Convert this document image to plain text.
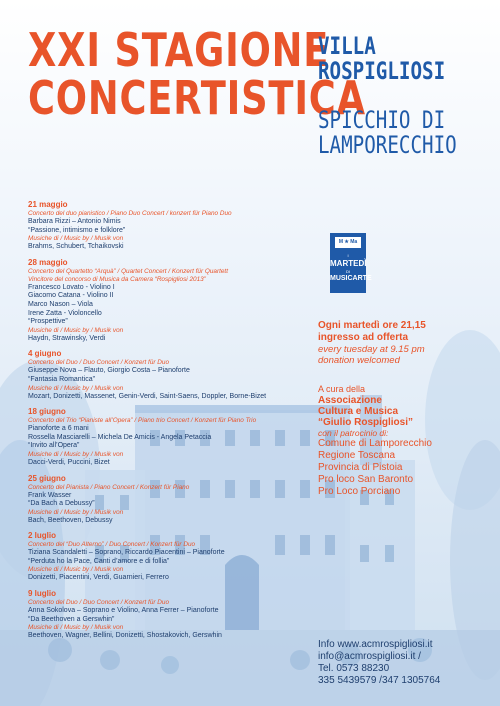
XXI STAGIONE
CONCERTISTICA
VILLA
ROSPIGLIOSI
SPICCHIO DI
LAMPORECCHIO
21 maggio
Concerto del duo pianistico / Piano Duo Concert / konzert für Piano Duo
Barbara Rizzi – Antonio Nimis
“Passione, intimismo e folklore”
Musiche di / Music by / Musik von
Brahms, Schubert, Tchaikovski
28 maggio
Concerto del Quartetto “Arquà” / Quartet Concert / Konzert für Quartett
Vincitore del concorso di Musica da Camera “Rospigliosi 2013”
Francesco Lovato - Violino I
Giacomo Catana - Violino II
Marco Nason – Viola
Irene Zatta - Violoncello
“Prospettive”
Musiche di / Music by / Musik von
Haydn, Strawinsky, Verdi
4 giugno
Concerto del Duo / Duo Concert / Konzert für Duo
Giuseppe Nova – Flauto, Giorgio Costa – Pianoforte
“Fantasia Romantica”
Musiche di / Music by / Musik von
Mozart, Donizetti, Massenet, Genin-Verdi, Saint-Saens, Doppler, Borne-Bizet
18 giugno
Concerto del Trio “Pianiste all’Opera” / Piano trio Concert / Konzert für Piano Trio
Pianoforte a 6 mani
Rossella Masciarelli – Michela De Amicis - Angela Petaccia
“Invito all’Opera”
Musiche di / Music by / Musik von
Dacci-Verdi, Puccini, Bizet
25 giugno
Concerto del Pianista / Piano Concert / Konzert für Piano
Frank Wasser
“Da Bach a Debussy”
Musiche di / Music by / Musik von
Bach, Beethoven, Debussy
2 luglio
Concerto del “Duo Alterno” / Duo Concert / Konzert für Duo
Tiziana Scandaletti – Soprano, Riccardo Piacentini – Pianoforte
“Perduta ho la Pace, Canti d’amore e di follia”
Musiche di / Music by / Musik von
Donizetti, Piacentini, Verdi, Guarnieri, Ferrero
9 luglio
Concerto del Duo / Duo Concert / Konzert für Duo
Anna Sokolova – Soprano e Violino, Anna Ferrer – Pianoforte
“Da Beethoven a Gerswhin”
Musiche di / Music by / Musik von
Beethoven, Wagner, Bellini, Donizetti, Shostakovich, Gerswhin
M ★ Ma
I
MARTEDÌ
DI
MUSICARTE
Ogni martedì ore 21,15
ingresso ad offerta
every tuesday at 9.15 pm
donation welcomed
A cura della
Associazione
Cultura e Musica
“Giulio Rospigliosi”
con il patrocinio di:
Comune di Lamporecchio
Regione Toscana
Provincia di Pistoia
Pro loco San Baronto
Pro Loco Porciano
Info www.acmrospigliosi.it
info@acmrospigliosi.it /
Tel. 0573 88230
335 5439579 /347 1305764
